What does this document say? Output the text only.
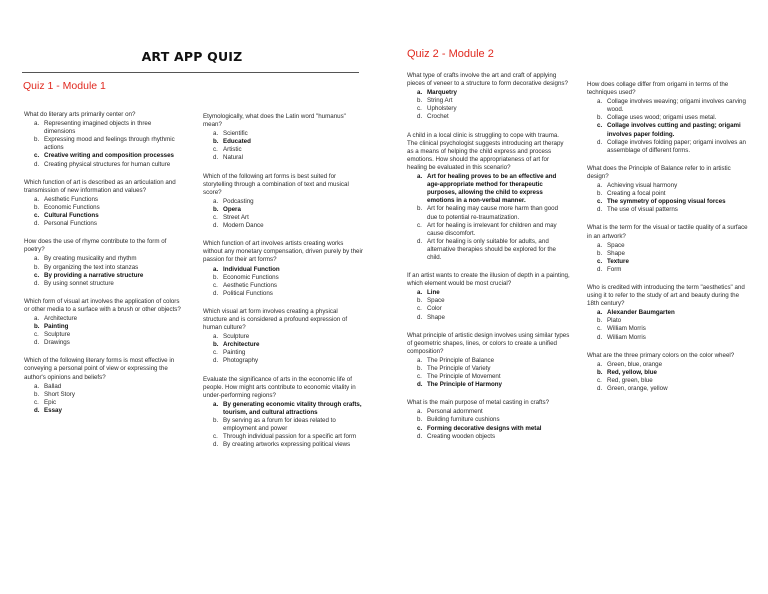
ART APP QUIZ
Quiz 1 - Module 1
What do literary arts primarily center on?
a. Representing imagined objects in three dimensions
b. Expressing mood and feelings through rhythmic actions
c. Creative writing and composition processes
d. Creating physical structures for human culture
Which function of art is described as an articulation and transmission of new information and values?
a. Aesthetic Functions
b. Economic Functions
c. Cultural Functions
d. Personal Functions
How does the use of rhyme contribute to the form of poetry?
a. By creating musicality and rhythm
b. By organizing the text into stanzas
c. By providing a narrative structure
d. By using sonnet structure
Which form of visual art involves the application of colors or other media to a surface with a brush or other objects?
a. Architecture
b. Painting
c. Sculpture
d. Drawings
Which of the following literary forms is most effective in conveying a personal point of view or expressing the author's opinions and beliefs?
a. Ballad
b. Short Story
c. Epic
d. Essay
Etymologically, what does the Latin word "humanus" mean?
a. Scientific
b. Educated
c. Artistic
d. Natural
Which of the following art forms is best suited for storytelling through a combination of text and musical score?
a. Podcasting
b. Opera
c. Street Art
d. Modern Dance
Which function of art involves artists creating works without any monetary compensation, driven purely by their passion for their art forms?
a. Individual Function
b. Economic Functions
c. Aesthetic Functions
d. Political Functions
Which visual art form involves creating a physical structure and is considered a profound expression of human culture?
a. Sculpture
b. Architecture
c. Painting
d. Photography
Evaluate the significance of arts in the economic life of people. How might arts contribute to economic vitality in under-performing regions?
a. By generating economic vitality through crafts, tourism, and cultural attractions
b. By serving as a forum for ideas related to employment and power
c. Through individual passion for a specific art form
d. By creating artworks expressing political views
Quiz 2 - Module 2
What type of crafts involve the art and craft of applying pieces of veneer to a structure to form decorative designs?
a. Marquetry
b. String Art
c. Upholstery
d. Crochet
A child in a local clinic is struggling to cope with trauma. The clinical psychologist suggests introducing art therapy as a means of helping the child express and process emotions. How should the appropriateness of art for healing be evaluated in this scenario?
a. Art for healing proves to be an effective and age-appropriate method for therapeutic purposes, allowing the child to express emotions in a non-verbal manner.
b. Art for healing may cause more harm than good due to potential re-traumatization.
c. Art for healing is irrelevant for children and may cause discomfort.
d. Art for healing is only suitable for adults, and alternative therapies should be explored for the child.
If an artist wants to create the illusion of depth in a painting, which element would be most crucial?
a. Line
b. Space
c. Color
d. Shape
What principle of artistic design involves using similar types of geometric shapes, lines, or colors to create a unified composition?
a. The Principle of Balance
b. The Principle of Variety
c. The Principle of Movement
d. The Principle of Harmony
What is the main purpose of metal casting in crafts?
a. Personal adornment
b. Building furniture cushions
c. Forming decorative designs with metal
d. Creating wooden objects
How does collage differ from origami in terms of the techniques used?
a. Collage involves weaving; origami involves carving wood.
b. Collage uses wood; origami uses metal.
c. Collage involves cutting and pasting; origami involves paper folding.
d. Collage involves folding paper; origami involves an assemblage of different forms.
What does the Principle of Balance refer to in artistic design?
a. Achieving visual harmony
b. Creating a focal point
c. The symmetry of opposing visual forces
d. The use of visual patterns
What is the term for the visual or tactile quality of a surface in an artwork?
a. Space
b. Shape
c. Texture
d. Form
Who is credited with introducing the term "aesthetics" and using it to refer to the study of art and beauty during the 18th century?
a. Alexander Baumgarten
b. Plato
c. William Morris
d. William Morris
What are the three primary colors on the color wheel?
a. Green, blue, orange
b. Red, yellow, blue
c. Red, green, blue
d. Green, orange, yellow
